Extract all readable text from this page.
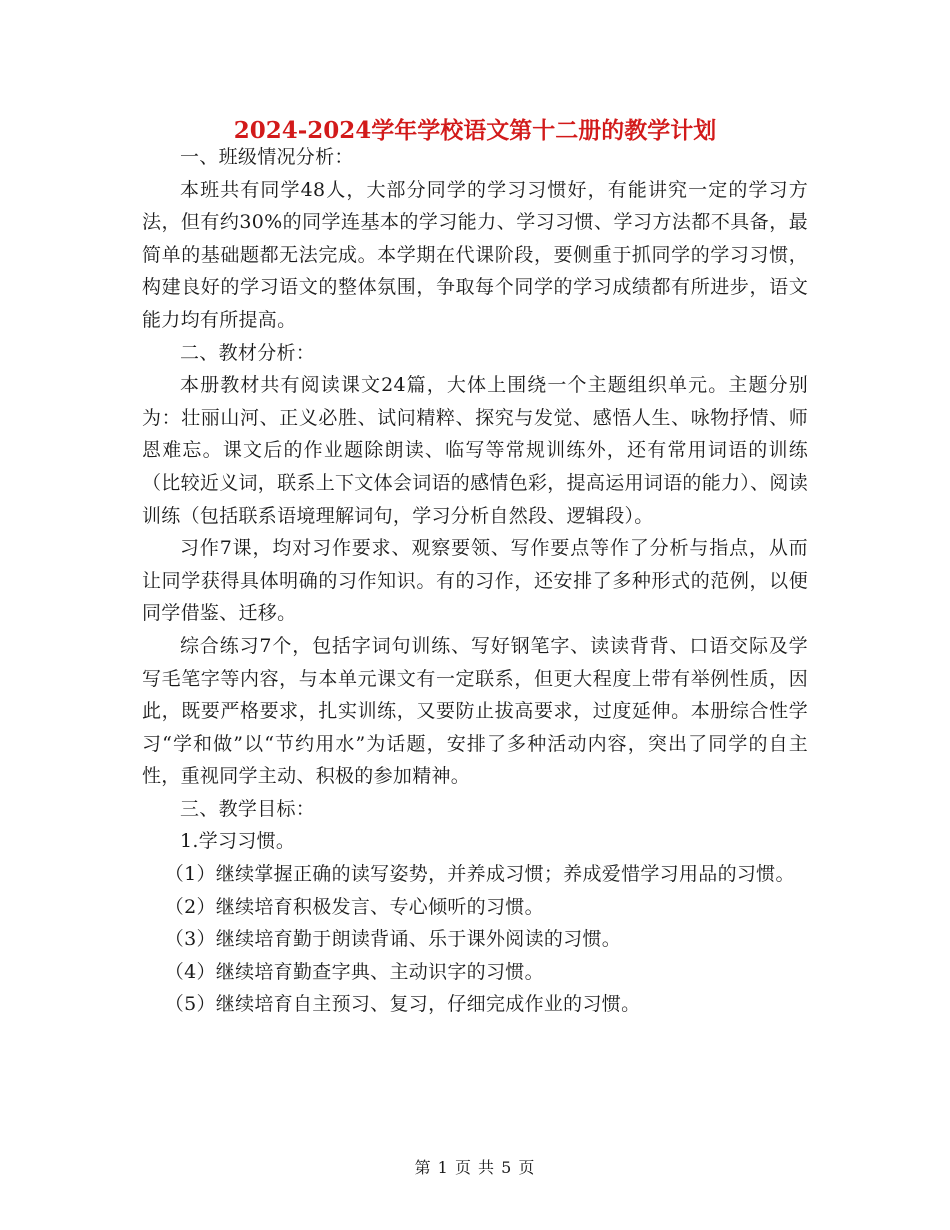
2024-2024学年学校语文第十二册的教学计划

一、班级情况分析：

本班共有同学48人，大部分同学的学习习惯好，有能讲究一定的学习方法，但有约30%的同学连基本的学习能力、学习习惯、学习方法都不具备，最简单的基础题都无法完成。本学期在代课阶段，要侧重于抓同学的学习习惯，构建良好的学习语文的整体氛围，争取每个同学的学习成绩都有所进步，语文能力均有所提高。

二、教材分析：

本册教材共有阅读课文24篇，大体上围绕一个主题组织单元。主题分别为：壮丽山河、正义必胜、试问精粹、探究与发觉、感悟人生、咏物抒情、师恩难忘。课文后的作业题除朗读、临写等常规训练外，还有常用词语的训练（比较近义词，联系上下文体会词语的感情色彩，提高运用词语的能力）、阅读训练（包括联系语境理解词句，学习分析自然段、逻辑段）。

习作7课，均对习作要求、观察要领、写作要点等作了分析与指点，从而让同学获得具体明确的习作知识。有的习作，还安排了多种形式的范例，以便同学借鉴、迁移。

综合练习7个，包括字词句训练、写好钢笔字、读读背背、口语交际及学写毛笔字等内容，与本单元课文有一定联系，但更大程度上带有举例性质，因此，既要严格要求，扎实训练，又要防止拔高要求，过度延伸。本册综合性学习“学和做”以“节约用水”为话题，安排了多种活动内容，突出了同学的自主性，重视同学主动、积极的参加精神。

三、教学目标：

1.学习习惯。

（1）继续掌握正确的读写姿势，并养成习惯；养成爱惜学习用品的习惯。

（2）继续培育积极发言、专心倾听的习惯。

（3）继续培育勤于朗读背诵、乐于课外阅读的习惯。

（4）继续培育勤查字典、主动识字的习惯。

（5）继续培育自主预习、复习，仔细完成作业的习惯。

第 1 页 共 5 页
